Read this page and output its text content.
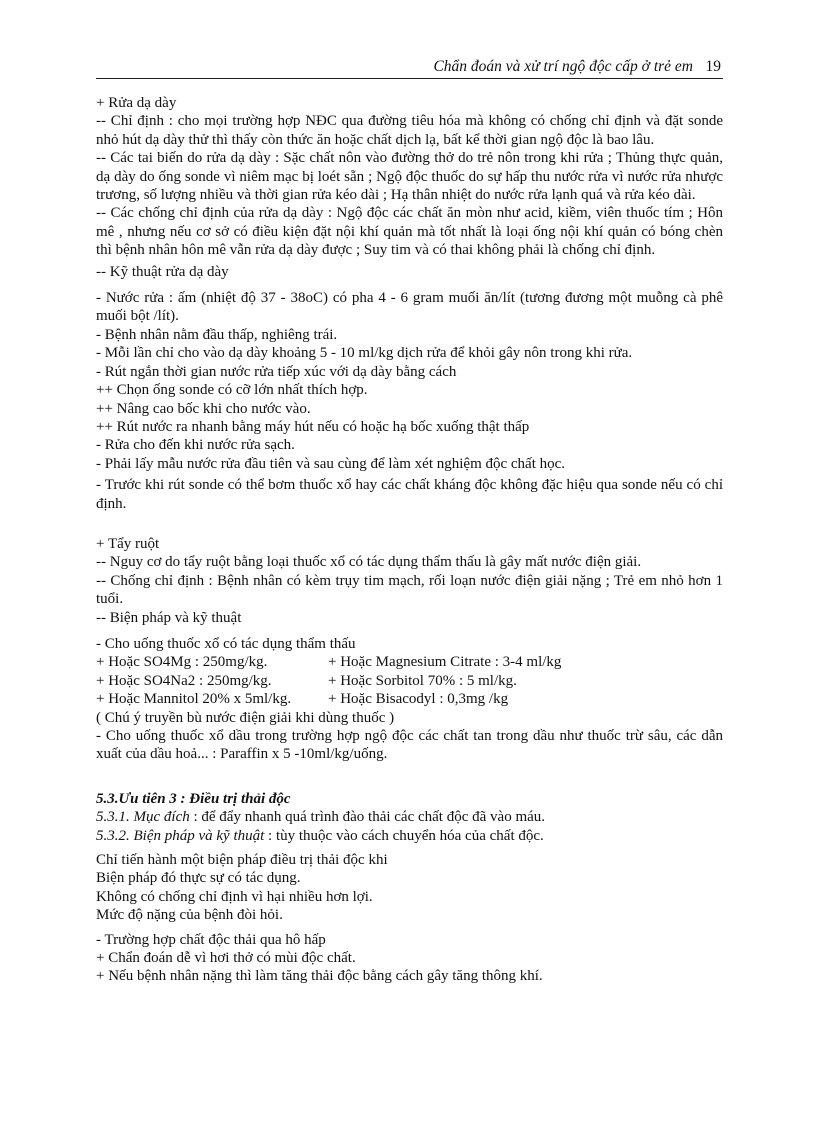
Chẩn đoán và xử trí ngộ độc cấp ở trẻ em 19

+ Rửa dạ dày

-- Chỉ định : cho mọi trường hợp NĐC qua đường tiêu hóa mà không có chống chỉ định và đặt sonde nhỏ hút dạ dày thử thì thấy còn thức ăn hoặc chất dịch lạ, bất kể thời gian ngộ độc là bao lâu.

-- Các tai biến do rửa dạ dày : Sặc chất nôn vào đường thở do trẻ nôn trong khi rửa ; Thủng thực quản, dạ dày do ống sonde vì niêm mạc bị loét sẵn ; Ngộ độc thuốc do sự hấp thu nước rửa vì nước rửa nhược trương, số lượng nhiều và thời gian rửa kéo dài ; Hạ thân nhiệt do nước rửa lạnh quá và rửa kéo dài.

-- Các chống chỉ định của rửa dạ dày : Ngộ độc các chất ăn mòn như acid, kiềm, viên thuốc tím ; Hôn mê , nhưng nếu cơ sở có điều kiện đặt nội khí quản mà tốt nhất là loại ống nội khí quản có bóng chèn thì bệnh nhân hôn mê vẫn rửa dạ dày được ; Suy tim và có thai không phải là chống chỉ định.

-- Kỹ thuật rửa dạ dày

- Nước rửa : ấm (nhiệt độ 37 - 38oC) có pha 4 - 6 gram muối ăn/lít (tương đương một muỗng cà phê muối bột /lít).

- Bệnh nhân nằm đầu thấp, nghiêng trái.

- Mỗi lần chỉ cho vào dạ dày khoảng 5 - 10 ml/kg dịch rửa để khỏi gây nôn trong khi rửa.

- Rút ngắn thời gian nước rửa tiếp xúc với dạ dày bằng cách

++ Chọn ống sonde có cỡ lớn nhất thích hợp.

++ Nâng cao bốc khi cho nước vào.

++ Rút nước ra nhanh bằng máy hút nếu có hoặc hạ bốc xuống thật thấp

- Rửa cho đến khi nước rửa sạch.

- Phải lấy mẫu nước rửa đầu tiên và sau cùng để làm xét nghiệm độc chất học.

- Trước khi rút sonde có thể bơm thuốc xổ hay các chất kháng độc không đặc hiệu qua sonde nếu có chỉ định.

+ Tẩy ruột

-- Nguy cơ do tẩy ruột bằng loại thuốc xổ có tác dụng thẩm thấu là gây mất nước điện giải.

-- Chống chỉ định : Bệnh nhân có kèm trụy tim mạch, rối loạn nước điện giải nặng ; Trẻ em nhỏ hơn 1 tuổi.

-- Biện pháp và kỹ thuật

- Cho uống thuốc xổ có tác dụng thẩm thấu

+ Hoặc SO4Mg : 250mg/kg.	+ Hoặc Magnesium Citrate : 3-4 ml/kg
+ Hoặc SO4Na2 : 250mg/kg.	+ Hoặc Sorbitol 70% : 5 ml/kg.
+ Hoặc Mannitol 20% x 5ml/kg.	+ Hoặc Bisacodyl : 0,3mg /kg

( Chú ý truyền bù nước điện giải khi dùng thuốc )

- Cho uống thuốc xổ dầu trong trường hợp ngộ độc các chất tan trong dầu như thuốc trừ sâu, các dẫn xuất của dầu hoả... : Paraffin x 5 -10ml/kg/uống.

5.3.Ưu tiên 3 : Điều trị thải độc

5.3.1. Mục đích : để đẩy nhanh quá trình đào thải các chất độc đã vào máu.

5.3.2. Biện pháp và kỹ thuật : tùy thuộc vào cách chuyển hóa của chất độc.

Chỉ tiến hành một biện pháp điều trị thải độc khi

Biện pháp đó thực sự có tác dụng.

Không có chống chỉ định vì hại nhiều hơn lợi.

Mức độ nặng của bệnh đòi hỏi.

- Trường hợp chất độc thải qua hô hấp

+ Chẩn đoán dễ vì hơi thở có mùi độc chất.

+ Nếu bệnh nhân nặng thì làm tăng thải độc bằng cách gây tăng thông khí.
